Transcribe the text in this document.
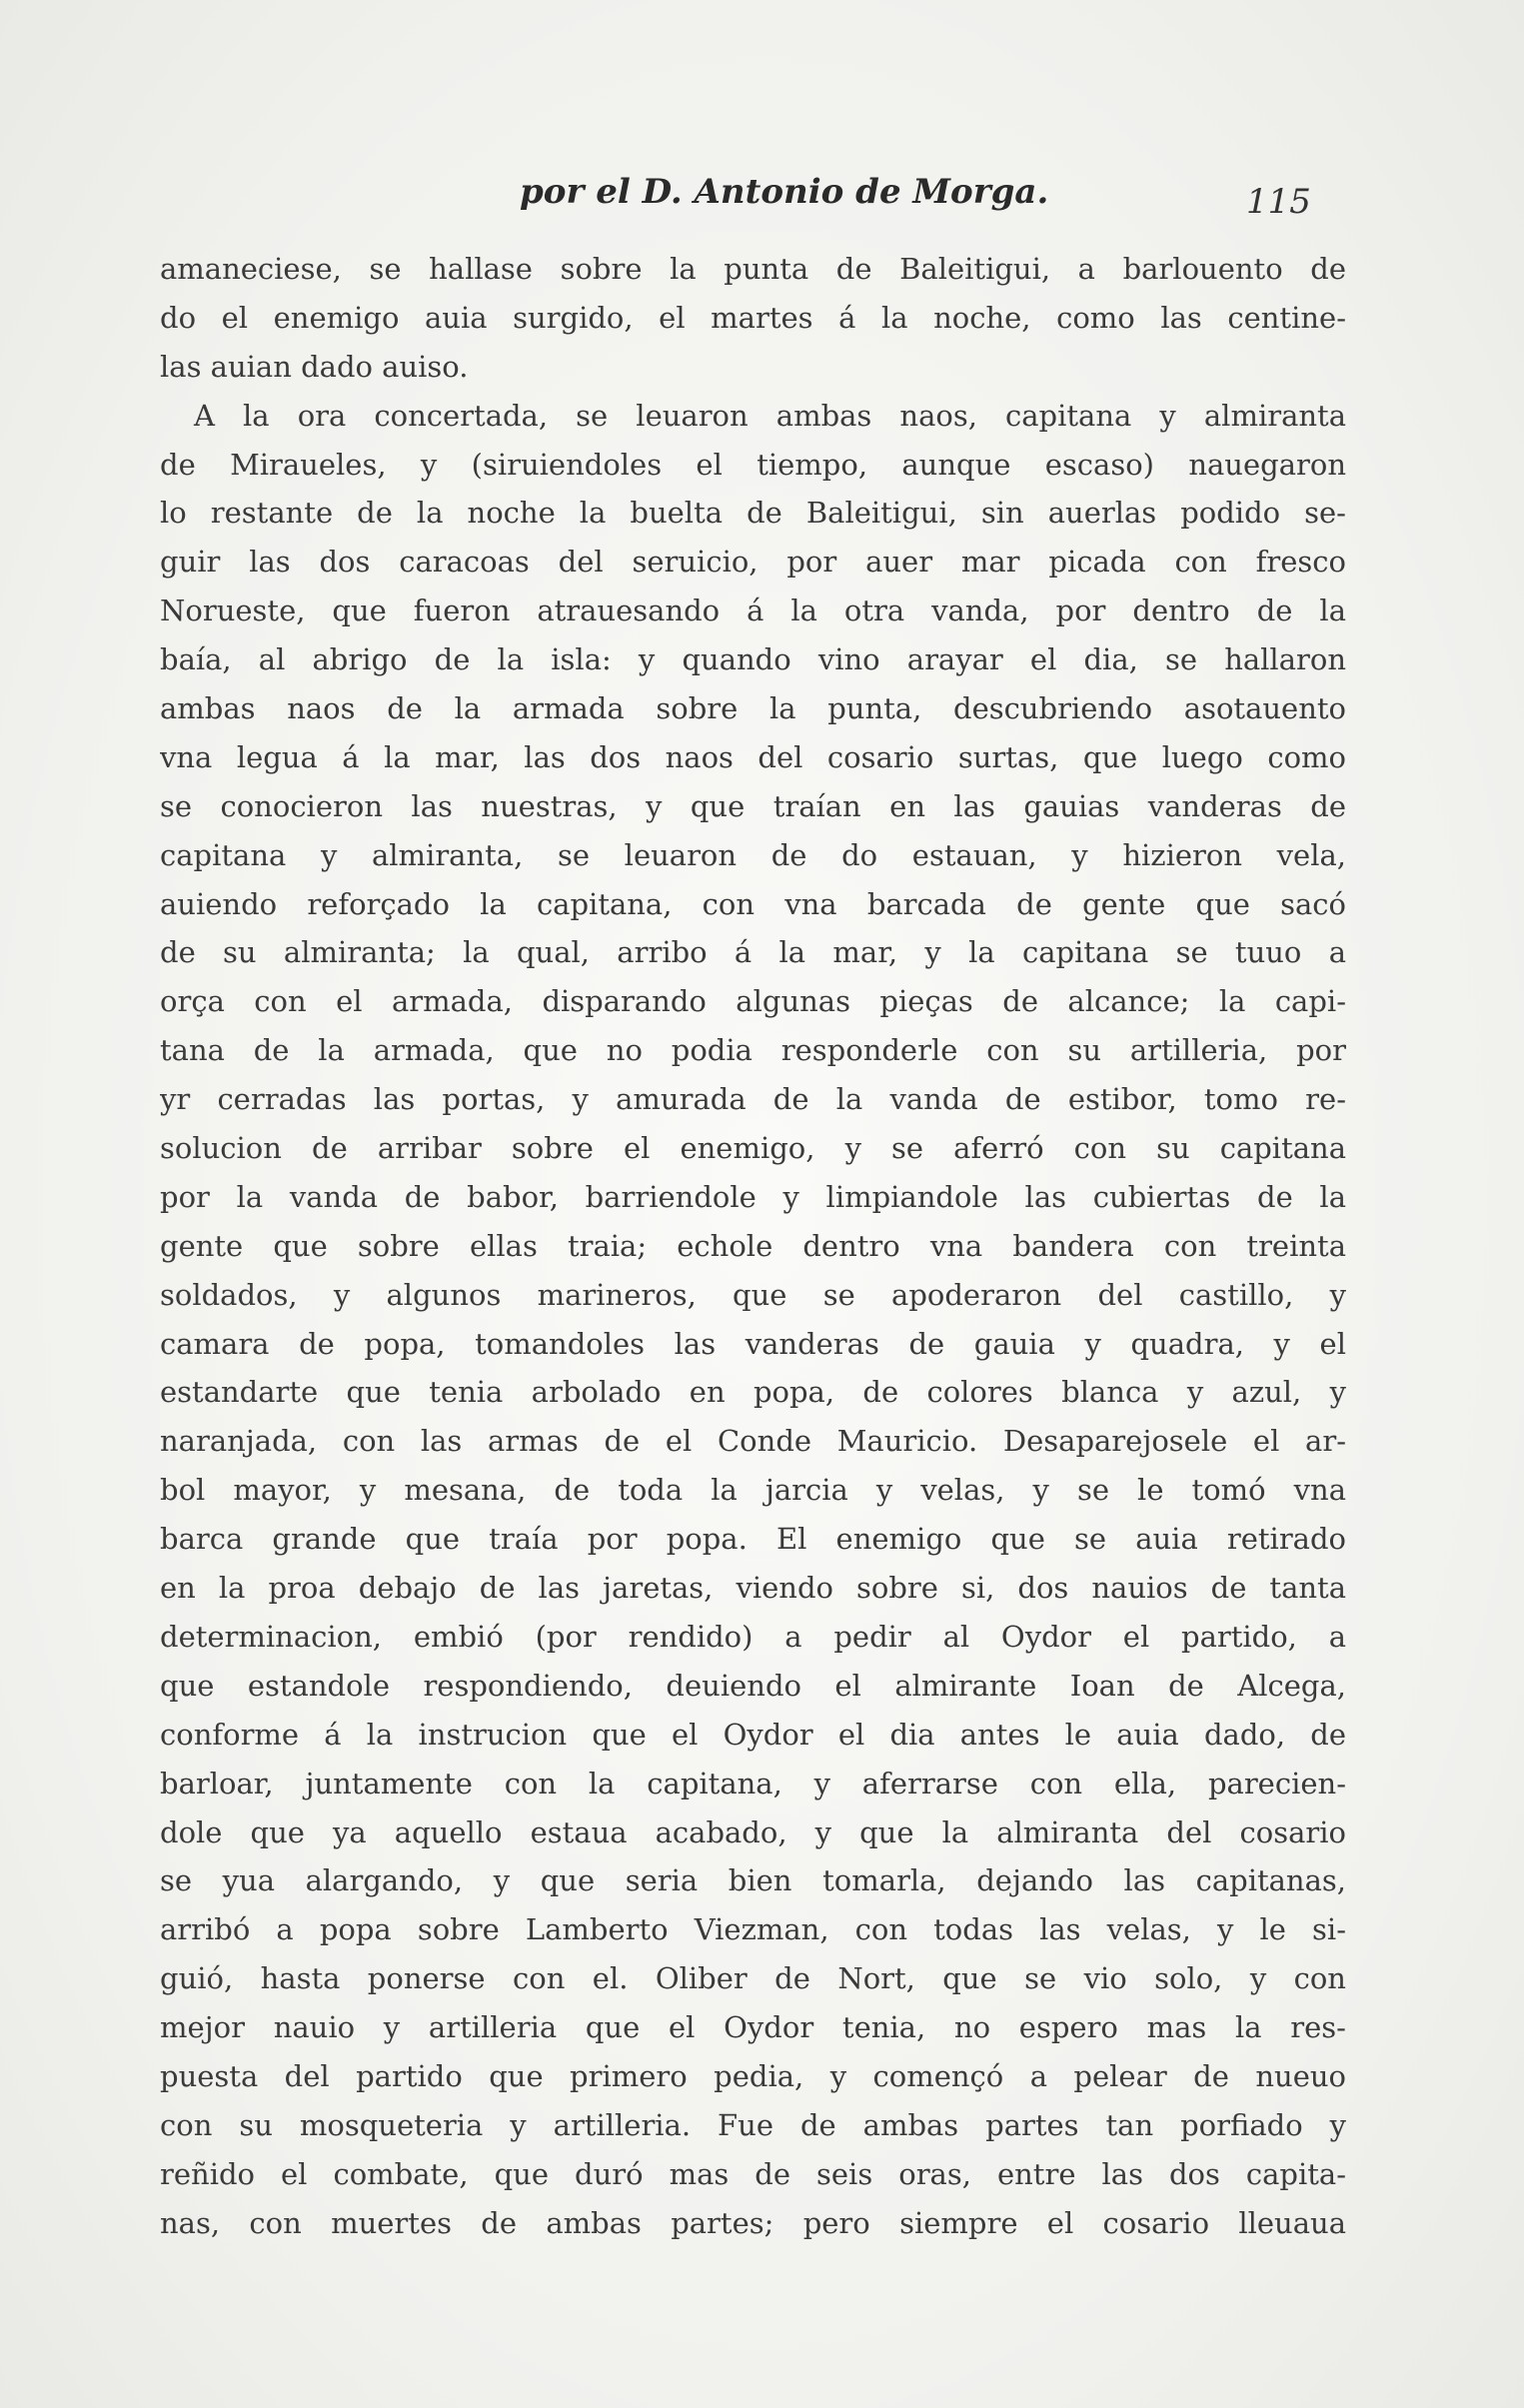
por el D. Antonio de Morga.	115
amaneciese, se hallase sobre la punta de Baleitigui, a barlouento de
do el enemigo auia surgido, el martes á la noche, como las centine-
las auian dado auiso.
A la ora concertada, se leuaron ambas naos, capitana y almiranta
de Miraueles, y (siruiendoles el tiempo, aunque escaso) nauegaron
lo restante de la noche la buelta de Baleitigui, sin auerlas podido se-
guir las dos caracoas del seruicio, por auer mar picada con fresco
Norueste, que fueron atrauesando á la otra vanda, por dentro de la
baía, al abrigo de la isla: y quando vino arayar el dia, se hallaron
ambas naos de la armada sobre la punta, descubriendo asotauento
vna legua á la mar, las dos naos del cosario surtas, que luego como
se conocieron las nuestras, y que traían en las gauias vanderas de
capitana y almiranta, se leuaron de do estauan, y hizieron vela,
auiendo reforçado la capitana, con vna barcada de gente que sacó
de su almiranta; la qual, arribo á la mar, y la capitana se tuuo a
orça con el armada, disparando algunas pieças de alcance; la capi-
tana de la armada, que no podia responderle con su artilleria, por
yr cerradas las portas, y amurada de la vanda de estibor, tomo re-
solucion de arribar sobre el enemigo, y se aferró con su capitana
por la vanda de babor, barriendole y limpiandole las cubiertas de la
gente que sobre ellas traia; echole dentro vna bandera con treinta
soldados, y algunos marineros, que se apoderaron del castillo, y
camara de popa, tomandoles las vanderas de gauia y quadra, y el
estandarte que tenia arbolado en popa, de colores blanca y azul, y
naranjada, con las armas de el Conde Mauricio. Desaparejosele el ar-
bol mayor, y mesana, de toda la jarcia y velas, y se le tomó vna
barca grande que traía por popa. El enemigo que se auia retirado
en la proa debajo de las jaretas, viendo sobre si, dos nauios de tanta
determinacion, embió (por rendido) a pedir al Oydor el partido, a
que estandole respondiendo, deuiendo el almirante Ioan de Alcega,
conforme á la instrucion que el Oydor el dia antes le auia dado, de
barloar, juntamente con la capitana, y aferrarse con ella, parecien-
dole que ya aquello estaua acabado, y que la almiranta del cosario
se yua alargando, y que seria bien tomarla, dejando las capitanas,
arribó a popa sobre Lamberto Viezman, con todas las velas, y le si-
guió, hasta ponerse con el. Oliber de Nort, que se vio solo, y con
mejor nauio y artilleria que el Oydor tenia, no espero mas la res-
puesta del partido que primero pedia, y començó a pelear de nueuo
con su mosqueteria y artilleria. Fue de ambas partes tan porfiado y
reñido el combate, que duró mas de seis oras, entre las dos capita-
nas, con muertes de ambas partes; pero siempre el cosario lleuaua
